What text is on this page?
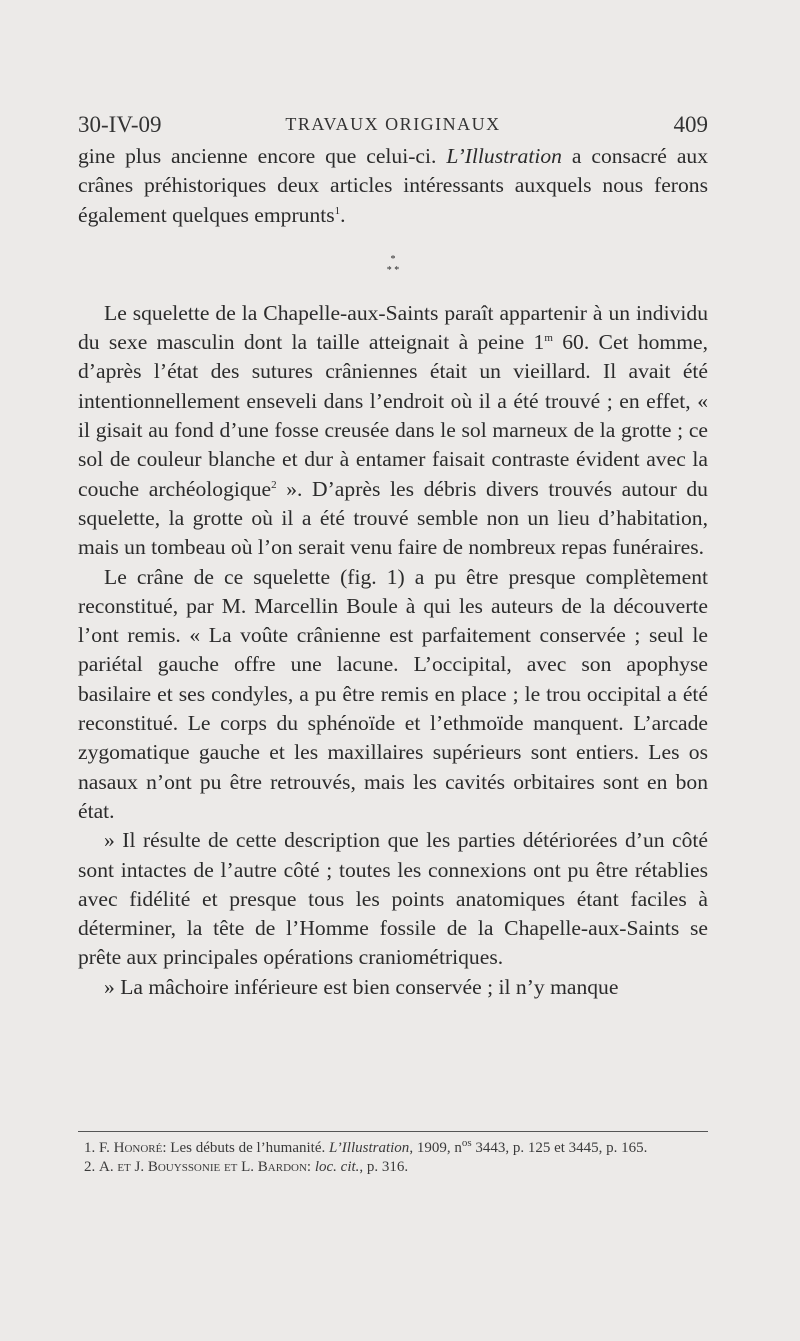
30-IV-09	TRAVAUX ORIGINAUX	409

gine plus ancienne encore que celui-ci. L’Illustration a consacré aux crânes préhistoriques deux articles intéressants auxquels nous ferons également quelques emprunts$^1$.

*
* *

Le squelette de la Chapelle-aux-Saints paraît appartenir à un individu du sexe masculin dont la taille atteignait à peine 1$^m$ 60. Cet homme, d’après l’état des sutures crâniennes était un vieillard. Il avait été intentionnellement enseveli dans l’endroit où il a été trouvé ; en effet, « il gisait au fond d’une fosse creusée dans le sol marneux de la grotte ; ce sol de couleur blanche et dur à entamer faisait contraste évident avec la couche archéologique$^2$ ». D’après les débris divers trouvés autour du squelette, la grotte où il a été trouvé semble non un lieu d’habitation, mais un tombeau où l’on serait venu faire de nombreux repas funéraires.

Le crâne de ce squelette (fig. 1) a pu être presque complètement reconstitué, par M. Marcellin Boule à qui les auteurs de la découverte l’ont remis. « La voûte crânienne est parfaitement conservée ; seul le pariétal gauche offre une lacune. L’occipital, avec son apophyse basilaire et ses condyles, a pu être remis en place ; le trou occipital a été reconstitué. Le corps du sphénoïde et l’ethmoïde manquent. L’arcade zygomatique gauche et les maxillaires supérieurs sont entiers. Les os nasaux n’ont pu être retrouvés, mais les cavités orbitaires sont en bon état.

» Il résulte de cette description que les parties détériorées d’un côté sont intactes de l’autre côté ; toutes les connexions ont pu être rétablies avec fidélité et presque tous les points anatomiques étant faciles à déterminer, la tête de l’Homme fossile de la Chapelle-aux-Saints se prête aux principales opérations craniométriques.

» La mâchoire inférieure est bien conservée ; il n’y manque

1. F. Honoré: Les débuts de l’humanité. L’Illustration, 1909, $n^{os}$ 3443, p. 125 et 3445, p. 165.

2. A. et J. Bouyssonie et L. Bardon: loc. cit., p. 316.
